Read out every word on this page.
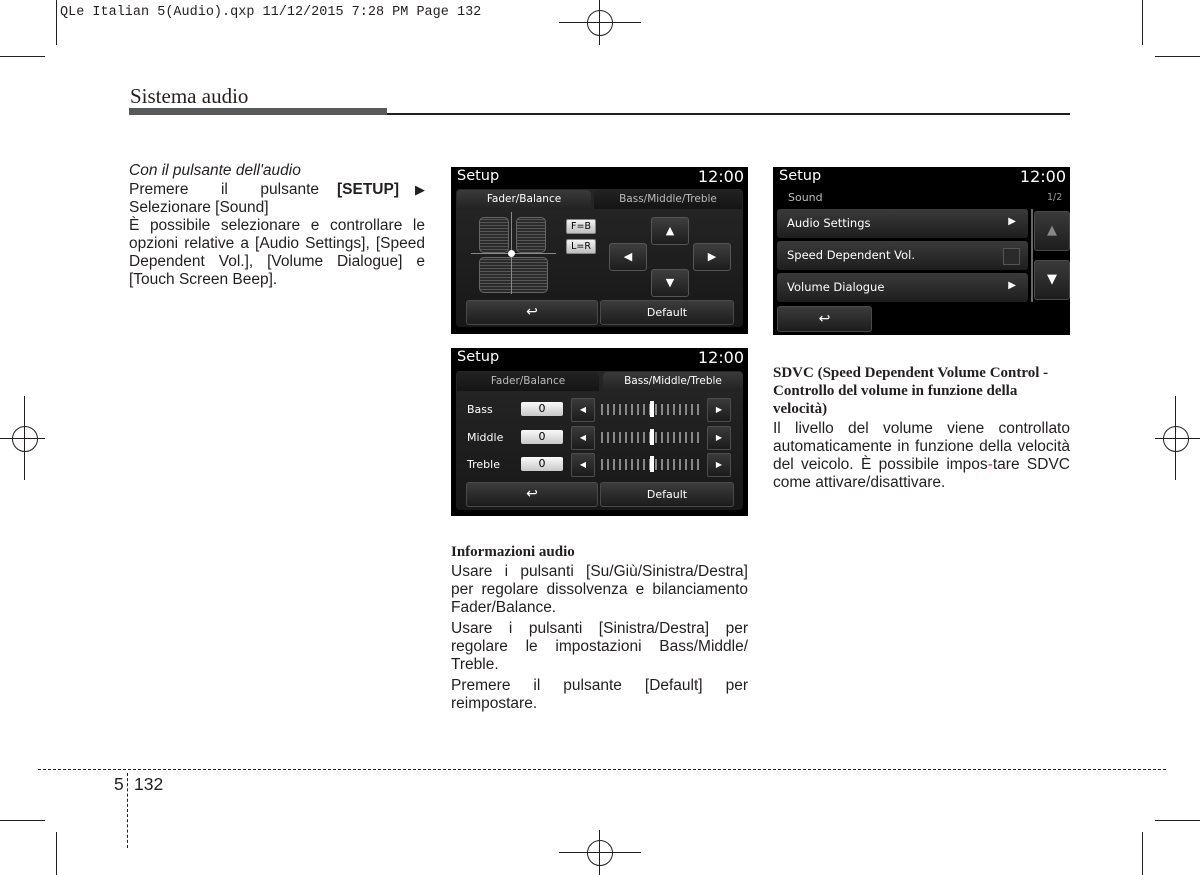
QLe Italian 5(Audio).qxp 11/12/2015 7:28 PM Page 132
Sistema audio

Con il pulsante dell'audio

Premere il pulsante [SETUP] ▶

Selezionare [Sound]

È possibile selezionare e controllare le opzioni relative a [Audio Settings], [Speed Dependent Vol.], [Volume Dialogue] e [Touch Screen Beep].

Setup	12:00
Fader/Balance	Bass/Middle/Treble
F=B
L=R
▲
◀	▶
▼
↩	Default
Setup	12:00
Fader/Balance	Bass/Middle/Treble
Bass	0	◀	▶
Middle	0	◀	▶
Treble	0	◀	▶
↩	Default
Setup	12:00
Sound	1/2
Audio Settings	▶
Speed Dependent Vol.
Volume Dialogue	▶
▲
▼
↩

Informazioni audio

Usare i pulsanti [Su/Giù/Sinistra/Destra] per regolare dissolvenza e bilanciamento Fader/Balance.

Usare i pulsanti [Sinistra/Destra] per regolare le impostazioni Bass/Middle/ Treble.

Premere il pulsante [Default] per reimpostare.

SDVC (Speed Dependent Volume Control - Controllo del volume in funzione della velocità)

Il livello del volume viene controllato automaticamente in funzione della velocità del veicolo. È possibile impos-tare SDVC come attivare/disattivare.

5 132
